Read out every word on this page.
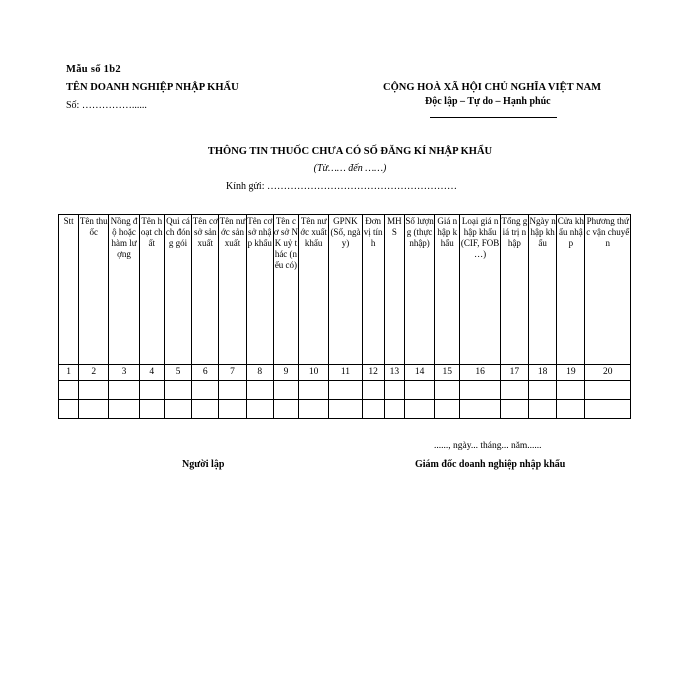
Mẫu số 1b2
TÊN DOANH NGHIỆP NHẬP KHẨU
Số: ……………......
CỘNG HOÀ XÃ HỘI CHỦ NGHĨA VIỆT NAM
Độc lập – Tự do – Hạnh phúc
THÔNG TIN THUỐC CHƯA CÓ SỐ ĐĂNG KÍ NHẬP KHẨU
(Từ…… đến ……)
Kính gửi: …………………………………………………
Stt	Tên thuốc	Nồng độ hoặc hàm lượng	Tên hoạt chất	Qui cách đóng gói	Tên cơ sở sản xuất	Tên nước sản xuất	Tên cơ sở nhập khẩu	Tên cơ sở NK uỷ thác (nếu có)	Tên nước xuất khẩu	GPNK (Số, ngày)	Đơn vị tính	MHS	Số lượng (thực nhập)	Giá nhập khẩu	Loại giá nhập khẩu (CIF, FOB …)	Tổng giá trị nhập	Ngày nhập khẩu	Cửa khẩu nhập	Phương thức vận chuyển
1	2	3	4	5	6	7	8	9	10	11	12	13	14	15	16	17	18	19	20

......, ngày... tháng... năm......
Người lập	Giám đốc doanh nghiệp nhập khẩu
